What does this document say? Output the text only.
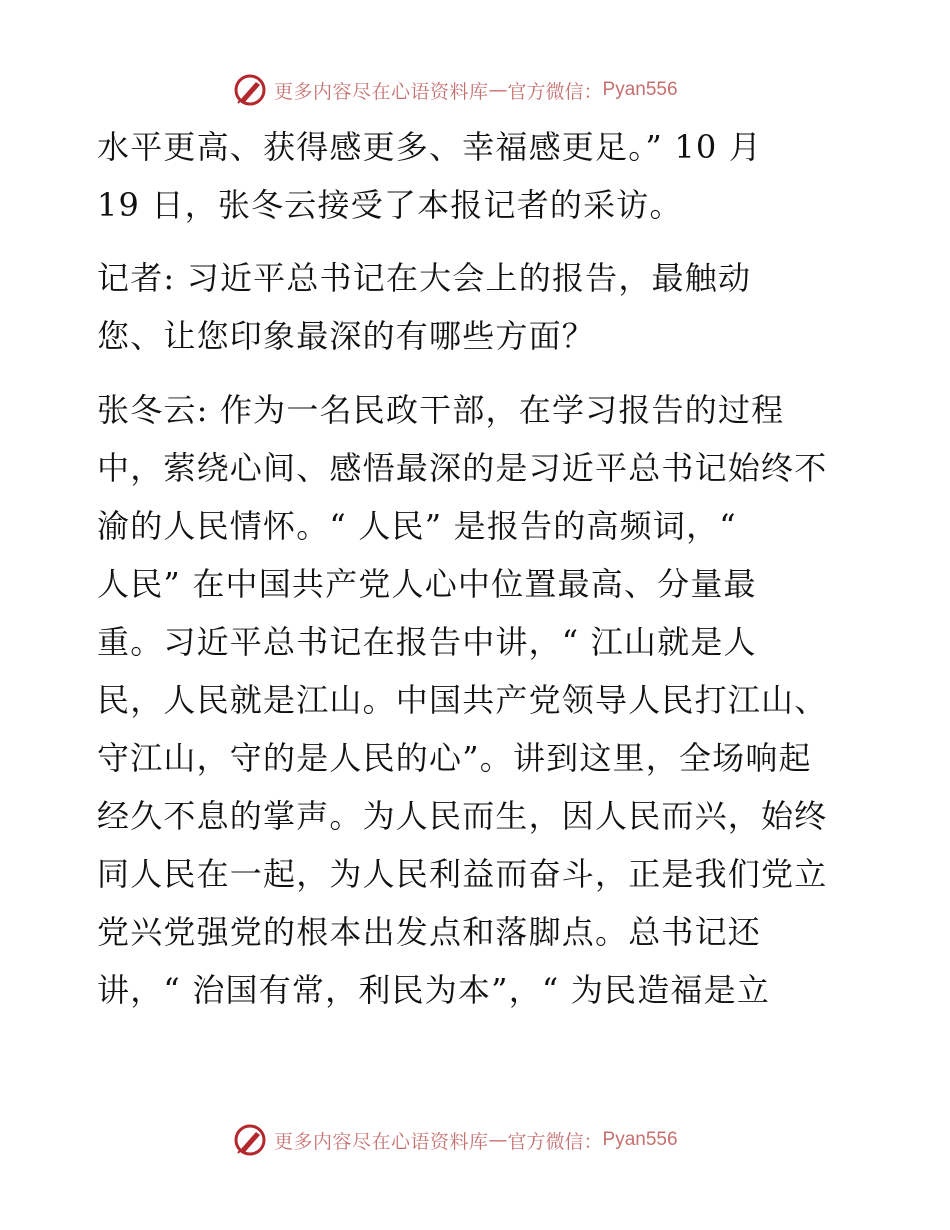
更多内容尽在心语资料库 — 官方微信： Pyan556

水平更高、获得感更多、幸福感更足。” 10 月

19 日，张冬云接受了本报记者的采访。

记者: 习近平总书记在大会上的报告，最触动

您、让您印象最深的有哪些方面？

张冬云: 作为一名民政干部，在学习报告的过程

中，萦绕心间、感悟最深的是习近平总书记始终不

渝的人民情怀。“ 人民” 是报告的高频词，“

人民” 在中国共产党人心中位置最高、分量最

重。习近平总书记在报告中讲，“ 江山就是人

民，人民就是江山。中国共产党领导人民打江山、

守江山，守的是人民的心”。讲到这里，全场响起

经久不息的掌声。为人民而生，因人民而兴，始终

同人民在一起，为人民利益而奋斗，正是我们党立

党兴党强党的根本出发点和落脚点。总书记还

讲，“ 治国有常，利民为本”，“ 为民造福是立

更多内容尽在心语资料库 — 官方微信： Pyan556
